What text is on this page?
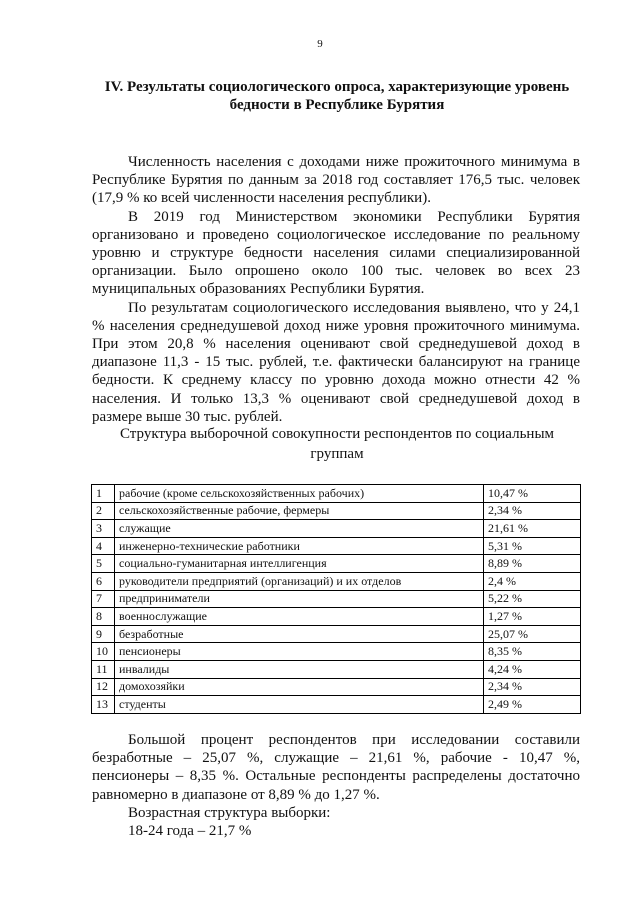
9
IV. Результаты социологического опроса, характеризующие уровень бедности в Республике Бурятия

Численность населения с доходами ниже прожиточного минимума в Республике Бурятия по данным за 2018 год составляет 176,5 тыс. человек (17,9 % ко всей численности населения республики).

В 2019 год Министерством экономики Республики Бурятия организовано и проведено социологическое исследование по реальному уровню и структуре бедности населения силами специализированной организации. Было опрошено около 100 тыс. человек во всех 23 муниципальных образованиях Республики Бурятия.

По результатам социологического исследования выявлено, что у 24,1 % населения среднедушевой доход ниже уровня прожиточного минимума. При этом 20,8 % населения оценивают свой среднедушевой доход в диапазоне 11,3 - 15 тыс. рублей, т.е. фактически балансируют на границе бедности. К среднему классу по уровню дохода можно отнести 42 % населения. И только 13,3 % оценивают свой среднедушевой доход в размере выше 30 тыс. рублей.

Структура выборочной совокупности респондентов по социальным группам
1	рабочие (кроме сельскохозяйственных рабочих)	10,47 %
2	сельскохозяйственные рабочие, фермеры	2,34 %
3	служащие	21,61 %
4	инженерно-технические работники	5,31 %
5	социально-гуманитарная интеллигенция	8,89 %
6	руководители предприятий (организаций) и их отделов	2,4 %
7	предприниматели	5,22 %
8	военнослужащие	1,27 %
9	безработные	25,07 %
10	пенсионеры	8,35 %
11	инвалиды	4,24 %
12	домохозяйки	2,34 %
13	студенты	2,49 %

Большой процент респондентов при исследовании составили безработные – 25,07 %, служащие – 21,61 %, рабочие - 10,47 %, пенсионеры – 8,35 %. Остальные респонденты распределены достаточно равномерно в диапазоне от 8,89 % до 1,27 %.

Возрастная структура выборки:

18-24 года – 21,7 %
